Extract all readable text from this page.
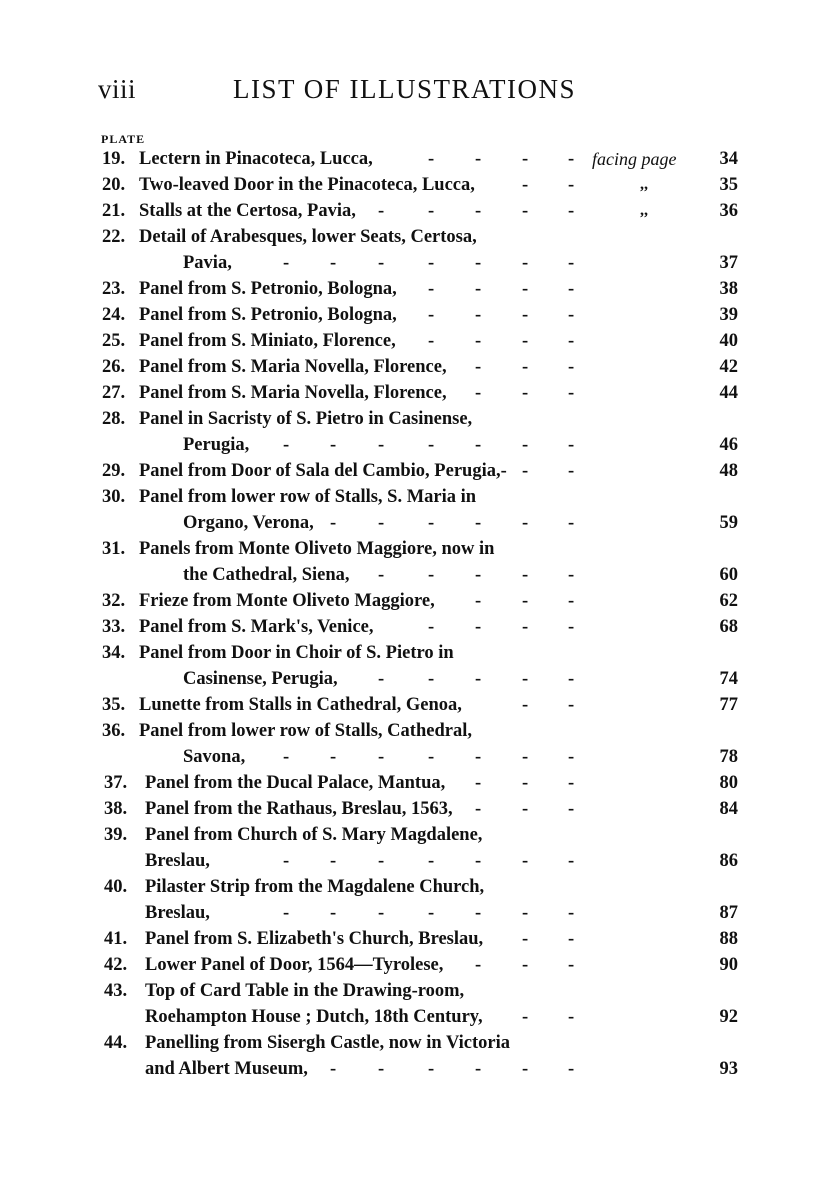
viii	LIST OF ILLUSTRATIONS
PLATE
19. Lectern in Pinacoteca, Lucca,	facing page	34
- - - -
20. Two-leaved Door in the Pinacoteca, Lucca,	,,	35
- -
21. Stalls at the Certosa, Pavia,	,,	36
- - - - -
22. Detail of Arabesques, lower Seats, Certosa,
Pavia,	37
- - - - - - -
23. Panel from S. Petronio, Bologna,	38
- - - -
24. Panel from S. Petronio, Bologna,	39
- - - -
25. Panel from S. Miniato, Florence,	40
- - - -
26. Panel from S. Maria Novella, Florence,	42
- - -
27. Panel from S. Maria Novella, Florence,	44
- - -
28. Panel in Sacristy of S. Pietro in Casinense,
Perugia,	46
- - - - - - -
29. Panel from Door of Sala del Cambio, Perugia,-	48
- -
30. Panel from lower row of Stalls, S. Maria in
Organo, Verona,	59
- - - - - -
31. Panels from Monte Oliveto Maggiore, now in
the Cathedral, Siena,	60
- - - - -
32. Frieze from Monte Oliveto Maggiore,	62
- - -
33. Panel from S. Mark's, Venice,	68
- - - -
34. Panel from Door in Choir of S. Pietro in
Casinense, Perugia,	74
- - - - -
35. Lunette from Stalls in Cathedral, Genoa,	77
- -
36. Panel from lower row of Stalls, Cathedral,
Savona,	78
- - - - - - -
37. Panel from the Ducal Palace, Mantua,	80
- - -
38. Panel from the Rathaus, Breslau, 1563,	84
- - -
39. Panel from Church of S. Mary Magdalene,
Breslau,	86
- - - - - - -
40. Pilaster Strip from the Magdalene Church,
Breslau,	87
- - - - - - -
41. Panel from S. Elizabeth's Church, Breslau,	88
- -
42. Lower Panel of Door, 1564—Tyrolese,	90
- - -
43. Top of Card Table in the Drawing-room,
Roehampton House ; Dutch, 18th Century,	92
- -
44. Panelling from Sisergh Castle, now in Victoria
and Albert Museum,	93
- - - - - -
